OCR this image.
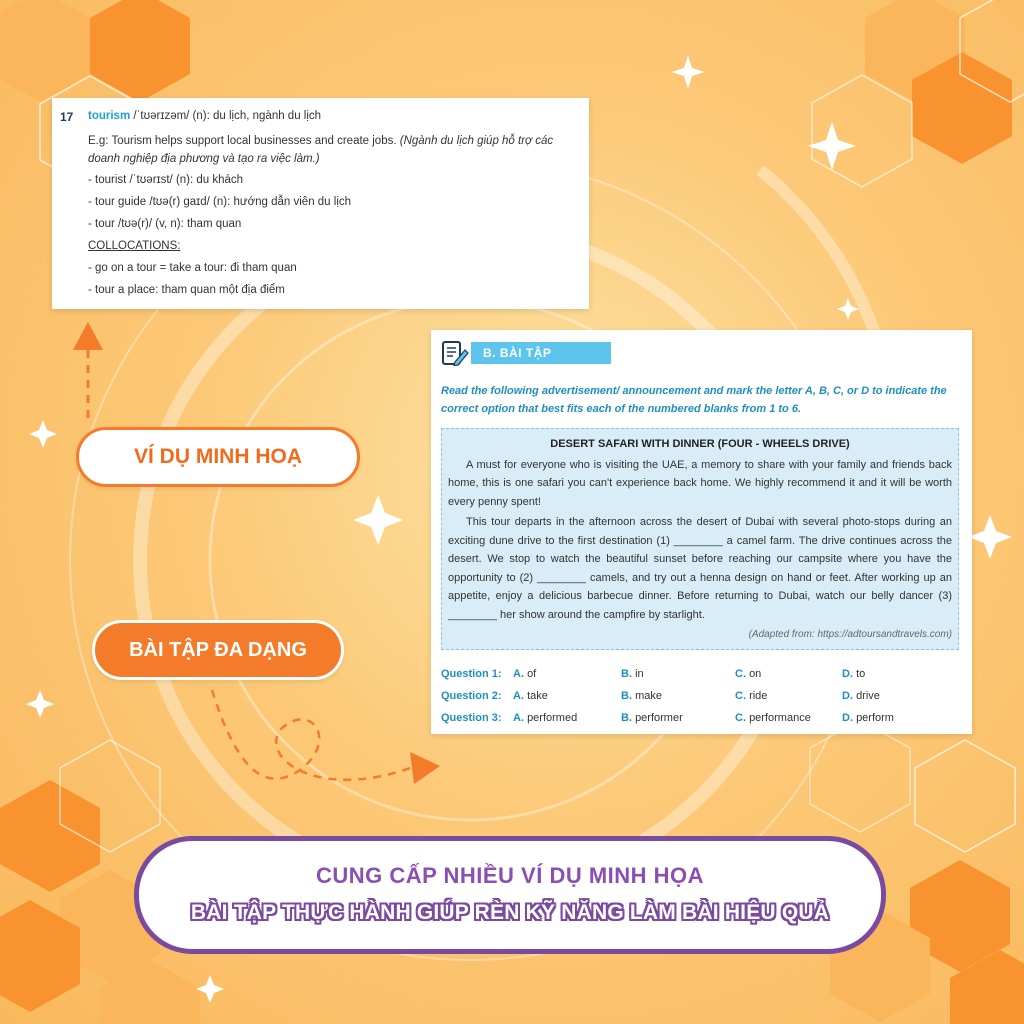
17 tourism /ˈtʊərɪzəm/ (n): du lịch, ngành du lịch
E.g: Tourism helps support local businesses and create jobs. (Ngành du lịch giúp hỗ trợ các doanh nghiệp địa phương và tạo ra việc làm.)
- tourist /ˈtʊərɪst/ (n): du khách
- tour guide /tʊə(r) ɡaɪd/ (n): hướng dẫn viên du lịch
- tour /tʊə(r)/ (v, n): tham quan
COLLOCATIONS:
- go on a tour = take a tour: đi tham quan
- tour a place: tham quan một địa điểm
B. BÀI TẬP
Read the following advertisement/ announcement and mark the letter A, B, C, or D to indicate the correct option that best fits each of the numbered blanks from 1 to 6.
DESERT SAFARI WITH DINNER (FOUR - WHEELS DRIVE)

A must for everyone who is visiting the UAE, a memory to share with your family and friends back home, this is one safari you can't experience back home. We highly recommend it and it will be worth every penny spent!

This tour departs in the afternoon across the desert of Dubai with several photo-stops during an exciting dune drive to the first destination (1) ________ a camel farm. The drive continues across the desert. We stop to watch the beautiful sunset before reaching our campsite where you have the opportunity to (2) ________ camels, and try out a henna design on hand or feet. After working up an appetite, enjoy a delicious barbecue dinner. Before returning to Dubai, watch our belly dancer (3) ________ her show around the campfire by starlight.

(Adapted from: https://adtoursandtravels.com)
Question 1: A. of	B. in	C. on	D. to
Question 2: A. take	B. make	C. ride	D. drive
Question 3: A. performed	B. performer	C. performance	D. perform
VÍ DỤ MINH HOẠ
BÀI TẬP ĐA DẠNG
CUNG CẤP NHIỀU VÍ DỤ MINH HỌA
BÀI TẬP THỰC HÀNH GIÚP RÈN KỸ NĂNG LÀM BÀI HIỆU QUẢ
